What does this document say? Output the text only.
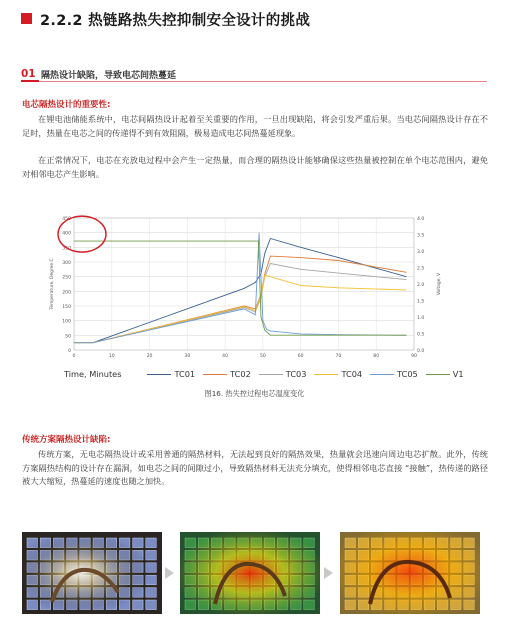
2.2.2 热链路热失控抑制安全设计的挑战
01 隔热设计缺陷，导致电芯间热蔓延
电芯隔热设计的重要性:
在锂电池储能系统中，电芯间隔热设计起着至关重要的作用，一旦出现缺陷，将会引发严重后果。当电芯间隔热设计存在不足时，热量在电芯之间的传递得不到有效阻隔，极易造成电芯间热蔓延现象。
在正常情况下，电芯在充放电过程中会产生一定热量，而合理的隔热设计能够确保这些热量被控制在单个电芯范围内，避免对相邻电芯产生影响。
0
50
100
150
200
250
300
350
400
450
0	10	20	30	40	50	60	70	80	90
0.0
0.5
1.0
1.5
2.0
2.5
3.0
3.5
4.0
Temperature, Degree C	Voltage, V
Time, Minutes	TC01	TC02	TC03	TC04	TC05	V1
图16. 热失控过程电芯温度变化
传统方案隔热设计缺陷:
传统方案，无电芯隔热设计或采用普通的隔热材料，无法起到良好的隔热效果，热量就会迅速向周边电芯扩散。此外，传统方案隔热结构的设计存在漏洞，如电芯之间的间隙过小，导致隔热材料无法充分填充，使得相邻电芯直接 “接触”，热传递的路径被大大缩短，热蔓延的速度也随之加快。
